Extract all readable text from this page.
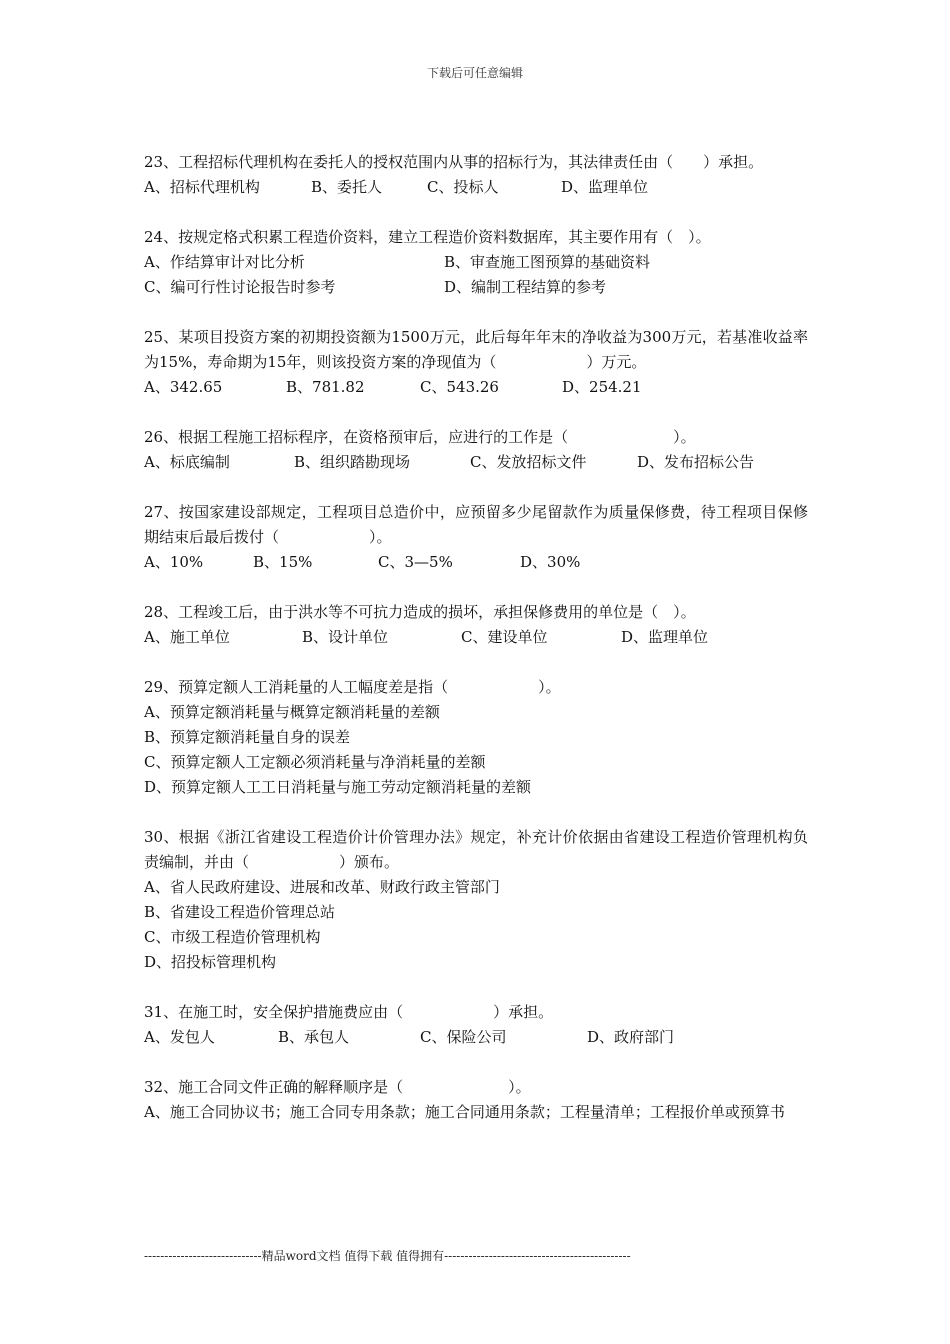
下载后可任意编辑
23、工程招标代理机构在委托人的授权范围内从事的招标行为，其法律责任由（　　）承担。
A、招标代理机构	B、委托人	C、投标人	D、监理单位
24、按规定格式积累工程造价资料，建立工程造价资料数据库，其主要作用有（　）。
A、作结算审计对比分析	B、审查施工图预算的基础资料
C、编可行性讨论报告时参考	D、编制工程结算的参考
25、某项目投资方案的初期投资额为1500万元，此后每年年末的净收益为300万元，若基准收益率为15%，寿命期为15年，则该投资方案的净现值为（　　　　　　）万元。
A、342.65	B、781.82	C、543.26	D、254.21
26、根据工程施工招标程序，在资格预审后，应进行的工作是（　　　　　　　）。
A、标底编制	B、组织踏勘现场	C、发放招标文件	D、发布招标公告
27、按国家建设部规定，工程项目总造价中，应预留多少尾留款作为质量保修费，待工程项目保修期结束后最后拨付（　　　　　　）。
A、10%	B、15%	C、3—5%	D、30%
28、工程竣工后，由于洪水等不可抗力造成的损坏，承担保修费用的单位是（　）。
A、施工单位	B、设计单位	C、建设单位	D、监理单位
29、预算定额人工消耗量的人工幅度差是指（　　　　　　）。
A、预算定额消耗量与概算定额消耗量的差额
B、预算定额消耗量自身的误差
C、预算定额人工定额必须消耗量与净消耗量的差额
D、预算定额人工工日消耗量与施工劳动定额消耗量的差额
30、根据《浙江省建设工程造价计价管理办法》规定，补充计价依据由省建设工程造价管理机构负责编制，并由（　　　　　　）颁布。
A、省人民政府建设、进展和改革、财政行政主管部门
B、省建设工程造价管理总站
C、市级工程造价管理机构
D、招投标管理机构
31、在施工时，安全保护措施费应由（　　　　　　）承担。
A、发包人	B、承包人	C、保险公司	D、政府部门
32、施工合同文件正确的解释顺序是（　　　　　　　）。
A、施工合同协议书；施工合同专用条款；施工合同通用条款；工程量清单；工程报价单或预算书
-----------------------------精品word文档 值得下载 值得拥有----------------------------------------------
